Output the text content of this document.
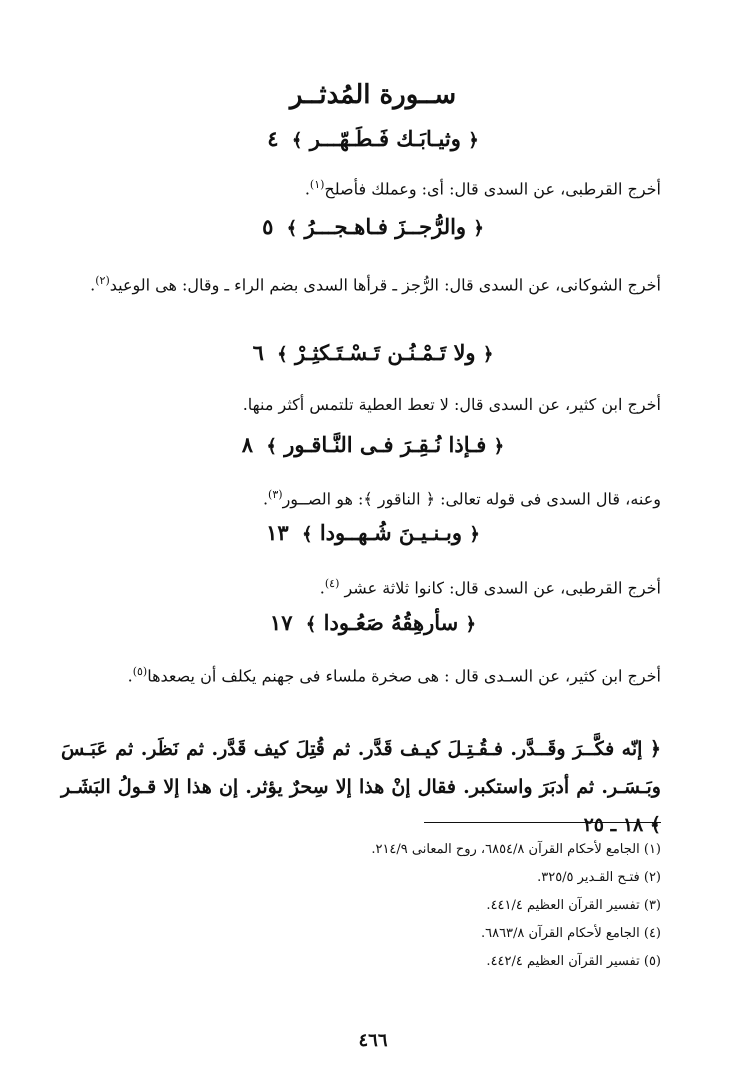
ســورة المُدثــر
﴿ وثيـابَـك فَـطَـهّـــر ﴾ ٤
أخرج القرطبى، عن السدى قال: أى: وعملك فأصلح$^{(١)}$.
﴿ والرُّجــزَ فـاهـجـــرُ ﴾ ٥
أخرج الشوكانى، عن السدى قال: الرُّجز ـ قرأها السدى بضم الراء ـ وقال: هى الوعيد$^{(٢)}$.
﴿ ولا تَـمْـنُـن تَـسْـتَـكثِـرْ ﴾ ٦
أخرج ابن كثير، عن السدى قال: لا تعط العطية تلتمس أكثر منها.
﴿ فـإذا نُـقِـرَ فـى النَّـاقـور ﴾ ٨
وعنه، قال السدى فى قوله تعالى: ﴿ الناقور ﴾: هو الصــور$^{(٣)}$.
﴿ وبـنـيـنَ شُـهــودا ﴾ ١٣
أخرج القرطبى، عن السدى قال: كانوا ثلاثة عشر $^{(٤)}$.
﴿ سأرهِقُهُ صَعُـودا ﴾ ١٧
أخرج ابن كثير، عن السـدى قال : هى صخرة ملساء فى جهنم يكلف أن يصعدها$^{(٥)}$.
﴿ إنّه فكَّــرَ وقَــدَّر. فـقُـتِـلَ كيـف قَدَّر. ثم قُتِلَ كيف قَدَّر. ثم نَظَر. ثم عَبَـسَ وبَـسَـر. ثم أدبَرَ واستكبر. فقال إنْ هذا إلا سِحرٌ يؤثر. إن هذا إلا قـولُ البَشَـر ﴾ ١٨ ـ ٢٥
(١) الجامع لأحكام القرآن ٦٨٥٤/٨، روح المعانى ٢١٤/٩.
(٢) فتـح القـدير ٣٢٥/٥.
(٣) تفسير القرآن العظيم ٤٤١/٤.
(٤) الجامع لأحكام القرآن ٦٨٦٣/٨.
(٥) تفسير القرآن العظيم ٤٤٢/٤.
٤٦٦
